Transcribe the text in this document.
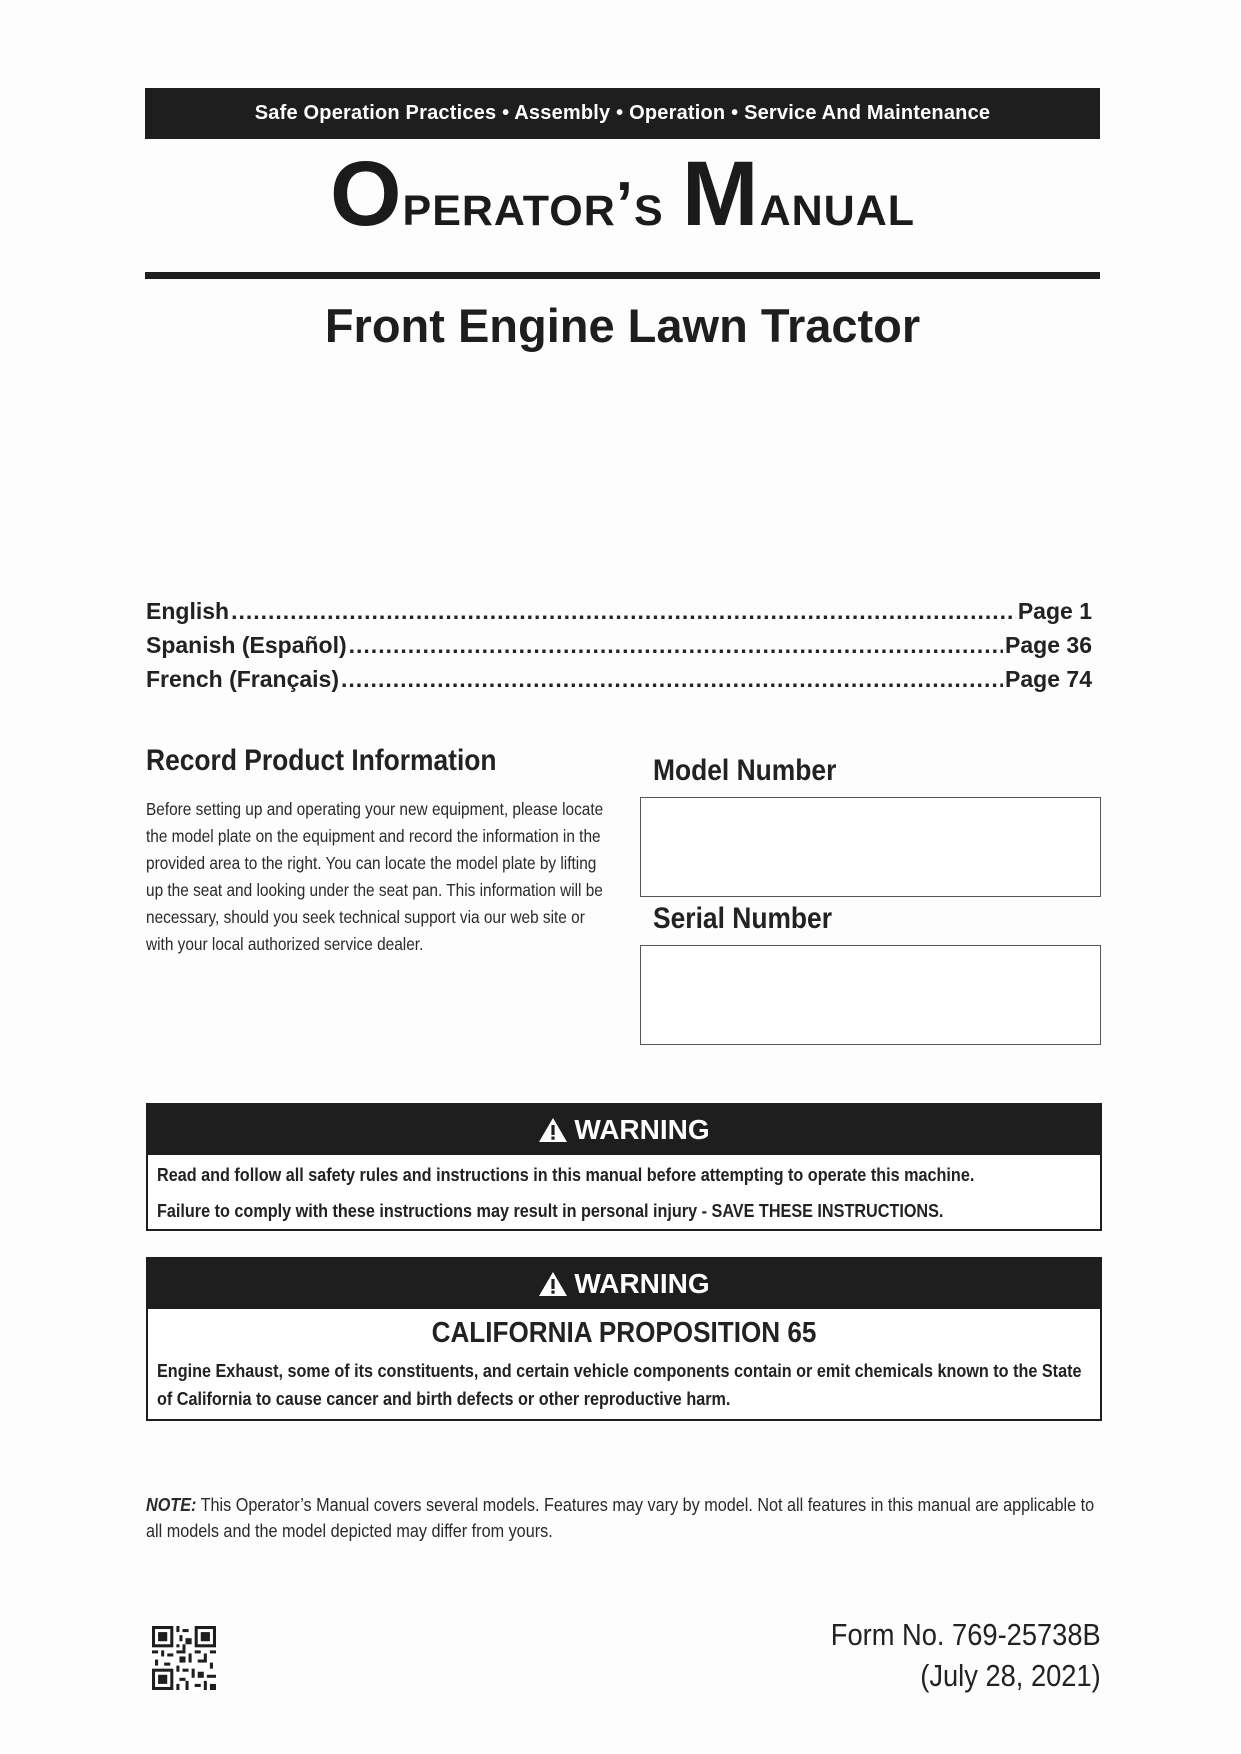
Safe Operation Practices • Assembly • Operation • Service And Maintenance
Operator’s Manual
Front Engine Lawn Tractor
English .....	Page 1
Spanish (Español) .....	Page 36
French (Français) .....	Page 74
Record Product Information
Before setting up and operating your new equipment, please locate the model plate on the equipment and record the information in the provided area to the right. You can locate the model plate by lifting up the seat and looking under the seat pan. This information will be necessary, should you seek technical support via our web site or with your local authorized service dealer.
Model Number
Serial Number
WARNING
Read and follow all safety rules and instructions in this manual before attempting to operate this machine.
Failure to comply with these instructions may result in personal injury - SAVE THESE INSTRUCTIONS.
WARNING
CALIFORNIA PROPOSITION 65
Engine Exhaust, some of its constituents, and certain vehicle components contain or emit chemicals known to the State of California to cause cancer and birth defects or other reproductive harm.
NOTE: This Operator’s Manual covers several models. Features may vary by model. Not all features in this manual are applicable to all models and the model depicted may differ from yours.
Form No. 769-25738B
(July 28, 2021)
